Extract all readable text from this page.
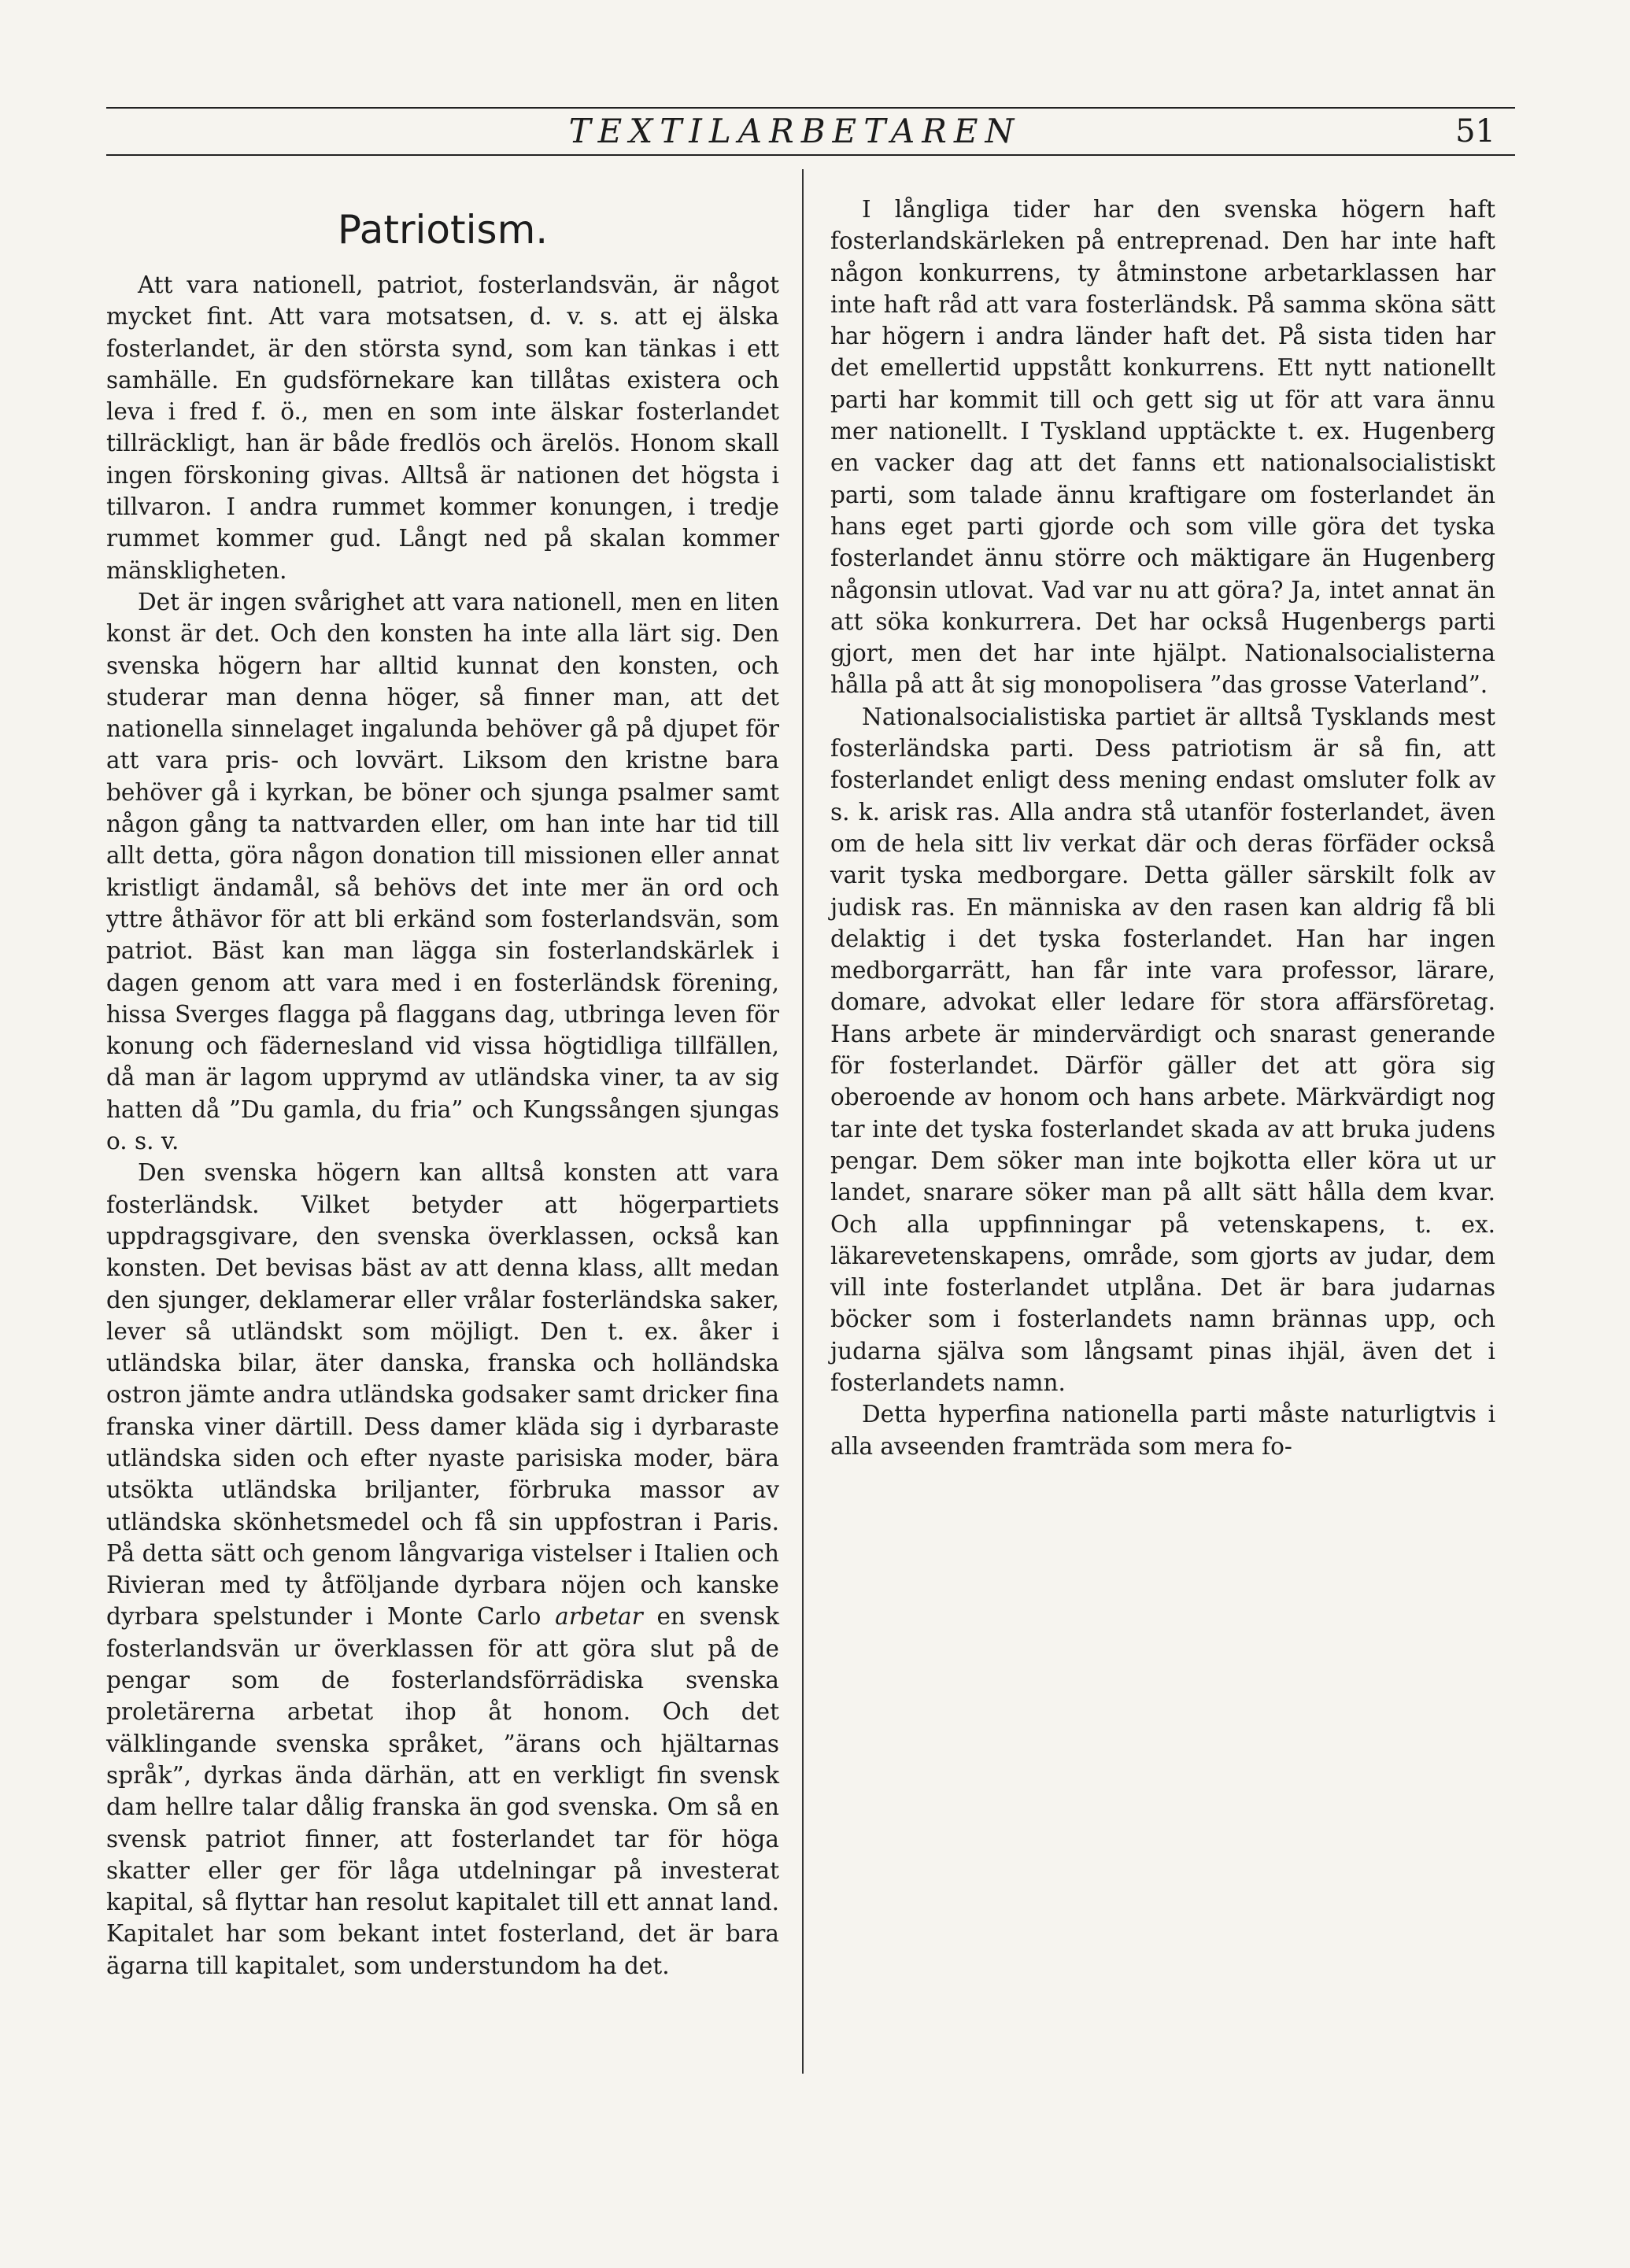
TEXTILARBETAREN	51
Patriotism.

Att vara nationell, patriot, fosterlandsvän, är något mycket fint. Att vara motsatsen, d. v. s. att ej älska fosterlandet, är den största synd, som kan tänkas i ett samhälle. En gudsförnekare kan tillåtas existera och leva i fred f. ö., men en som inte älskar fosterlandet tillräckligt, han är både fredlös och ärelös. Honom skall ingen förskoning givas. Alltså är nationen det högsta i tillvaron. I andra rummet kommer konungen, i tredje rummet kommer gud. Långt ned på skalan kommer mänskligheten.

Det är ingen svårighet att vara nationell, men en liten konst är det. Och den konsten ha inte alla lärt sig. Den svenska högern har alltid kunnat den konsten, och studerar man denna höger, så finner man, att det nationella sinnelaget ingalunda behöver gå på djupet för att vara pris- och lovvärt. Liksom den kristne bara behöver gå i kyrkan, be böner och sjunga psalmer samt någon gång ta nattvarden eller, om han inte har tid till allt detta, göra någon donation till missionen eller annat kristligt ändamål, så behövs det inte mer än ord och yttre åthävor för att bli erkänd som fosterlandsvän, som patriot. Bäst kan man lägga sin fosterlandskärlek i dagen genom att vara med i en fosterländsk förening, hissa Sverges flagga på flaggans dag, utbringa leven för konung och fädernesland vid vissa högtidliga tillfällen, då man är lagom upprymd av utländska viner, ta av sig hatten då ”Du gamla, du fria” och Kungssången sjungas o. s. v.

Den svenska högern kan alltså konsten att vara fosterländsk. Vilket betyder att högerpartiets uppdragsgivare, den svenska överklassen, också kan konsten. Det bevisas bäst av att denna klass, allt medan den sjunger, deklamerar eller vrålar fosterländska saker, lever så utländskt som möjligt. Den t. ex. åker i utländska bilar, äter danska, franska och holländska ostron jämte andra utländska godsaker samt dricker fina franska viner därtill. Dess damer kläda sig i dyrbaraste utländska siden och efter nyaste parisiska moder, bära utsökta utländska briljanter, förbruka massor av utländska skönhetsmedel och få sin uppfostran i Paris. På detta sätt och genom långvariga vistelser i Italien och Rivieran med ty åtföljande dyrbara nöjen och kanske dyrbara spelstunder i Monte Carlo arbetar en svensk fosterlandsvän ur överklassen för att göra slut på de pengar som de fosterlandsförrädiska svenska proletärerna arbetat ihop åt honom. Och det välklingande svenska språket, ”ärans och hjältarnas språk”, dyrkas ända därhän, att en verkligt fin svensk dam hellre talar dålig franska än god svenska. Om så en svensk patriot finner, att fosterlandet tar för höga skatter eller ger för låga utdelningar på investerat kapital, så flyttar han resolut kapitalet till ett annat land. Kapitalet har som bekant intet fosterland, det är bara ägarna till kapitalet, som understundom ha det.

I långliga tider har den svenska högern haft fosterlandskärleken på entreprenad. Den har inte haft någon konkurrens, ty åtminstone arbetarklassen har inte haft råd att vara fosterländsk. På samma sköna sätt har högern i andra länder haft det. På sista tiden har det emellertid uppstått konkurrens. Ett nytt nationellt parti har kommit till och gett sig ut för att vara ännu mer nationellt. I Tyskland upptäckte t. ex. Hugenberg en vacker dag att det fanns ett nationalsocialistiskt parti, som talade ännu kraftigare om fosterlandet än hans eget parti gjorde och som ville göra det tyska fosterlandet ännu större och mäktigare än Hugenberg någonsin utlovat. Vad var nu att göra? Ja, intet annat än att söka konkurrera. Det har också Hugenbergs parti gjort, men det har inte hjälpt. Nationalsocialisterna hålla på att åt sig monopolisera ”das grosse Vaterland”.

Nationalsocialistiska partiet är alltså Tysklands mest fosterländska parti. Dess patriotism är så fin, att fosterlandet enligt dess mening endast omsluter folk av s. k. arisk ras. Alla andra stå utanför fosterlandet, även om de hela sitt liv verkat där och deras förfäder också varit tyska medborgare. Detta gäller särskilt folk av judisk ras. En människa av den rasen kan aldrig få bli delaktig i det tyska fosterlandet. Han har ingen medborgarrätt, han får inte vara professor, lärare, domare, advokat eller ledare för stora affärsföretag. Hans arbete är mindervärdigt och snarast generande för fosterlandet. Därför gäller det att göra sig oberoende av honom och hans arbete. Märkvärdigt nog tar inte det tyska fosterlandet skada av att bruka judens pengar. Dem söker man inte bojkotta eller köra ut ur landet, snarare söker man på allt sätt hålla dem kvar. Och alla uppfinningar på vetenskapens, t. ex. läkarevetenskapens, område, som gjorts av judar, dem vill inte fosterlandet utplåna. Det är bara judarnas böcker som i fosterlandets namn brännas upp, och judarna själva som långsamt pinas ihjäl, även det i fosterlandets namn.

Detta hyperfina nationella parti måste naturligtvis i alla avseenden framträda som mera fo-
